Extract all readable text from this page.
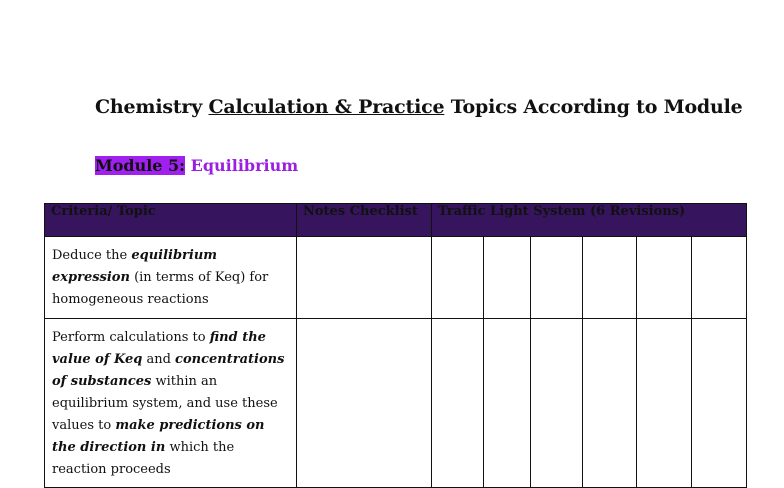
Chemistry Calculation & Practice Topics According to Module
Module 5: Equilibrium
Criteria/ Topic	Notes Checklist	Traffic Light System (6 Revisions)					
Deduce the equilibrium expression (in terms of Keq) for homogeneous reactions							
Perform calculations to find the value of Keq and concentrations of substances within an equilibrium system, and use these values to make predictions on the direction in which the reaction proceeds							
